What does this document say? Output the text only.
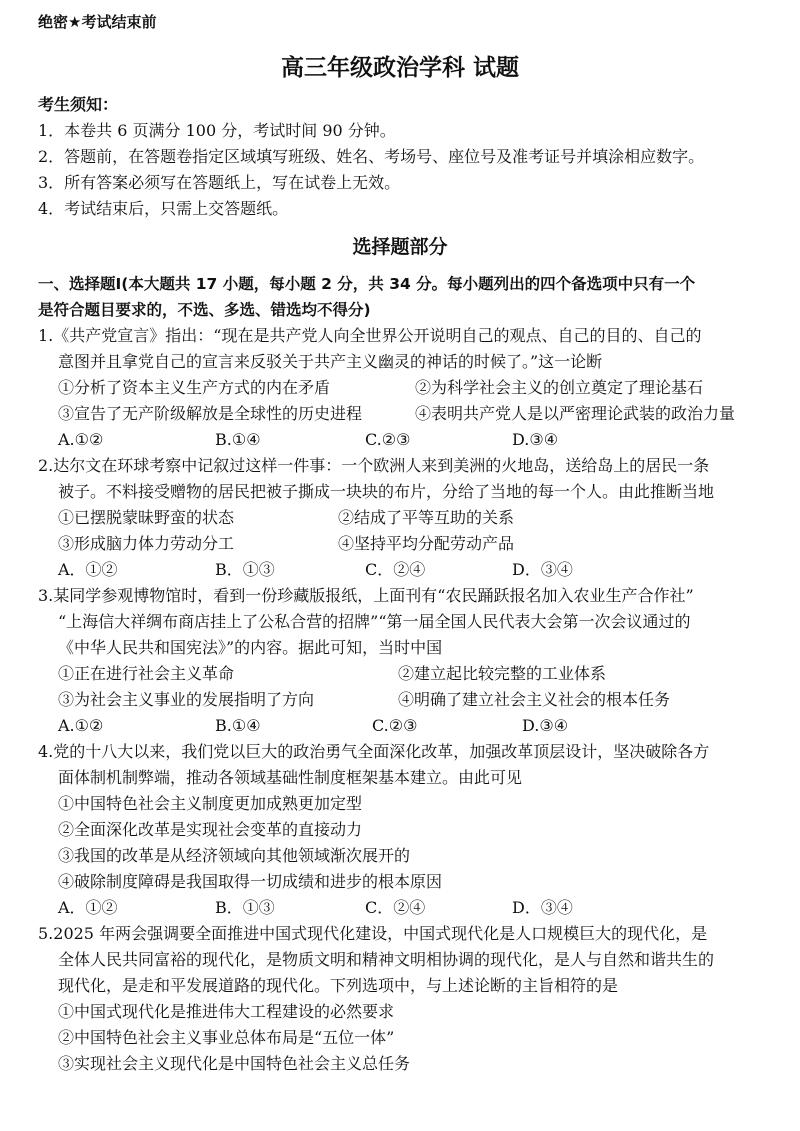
绝密★考试结束前
高三年级政治学科 试题
考生须知：
1．本卷共 6 页满分 100 分，考试时间 90 分钟。
2．答题前，在答题卷指定区域填写班级、姓名、考场号、座位号及准考证号并填涂相应数字。
3．所有答案必须写在答题纸上，写在试卷上无效。
4．考试结束后，只需上交答题纸。
选择题部分
一、选择题Ⅰ(本大题共 17 小题，每小题 2 分，共 34 分。每小题列出的四个备选项中只有一个
是符合题目要求的，不选、多选、错选均不得分)
1.《共产党宣言》指出：“现在是共产党人向全世界公开说明自己的观点、自己的目的、自己的
意图并且拿党自己的宣言来反驳关于共产主义幽灵的神话的时候了。”这一论断
①分析了资本主义生产方式的内在矛盾	②为科学社会主义的创立奠定了理论基石
③宣告了无产阶级解放是全球性的历史进程	④表明共产党人是以严密理论武装的政治力量
A.①②	B.①④	C.②③	D.③④
2.达尔文在环球考察中记叙过这样一件事：一个欧洲人来到美洲的火地岛，送给岛上的居民一条
被子。不料接受赠物的居民把被子撕成一块块的布片，分给了当地的每一个人。由此推断当地
①已摆脱蒙昧野蛮的状态	②结成了平等互助的关系
③形成脑力体力劳动分工	④坚持平均分配劳动产品
A．①②	B．①③	C．②④	D．③④
3.某同学参观博物馆时，看到一份珍藏版报纸，上面刊有“农民踊跃报名加入农业生产合作社”
“上海信大祥绸布商店挂上了公私合营的招牌”“第一届全国人民代表大会第一次会议通过的
《中华人民共和国宪法》”的内容。据此可知，当时中国
①正在进行社会主义革命	②建立起比较完整的工业体系
③为社会主义事业的发展指明了方向	④明确了建立社会主义社会的根本任务
A.①②	B.①④	C.②③	D.③④
4.党的十八大以来，我们党以巨大的政治勇气全面深化改革，加强改革顶层设计，坚决破除各方
面体制机制弊端，推动各领域基础性制度框架基本建立。由此可见
①中国特色社会主义制度更加成熟更加定型
②全面深化改革是实现社会变革的直接动力
③我国的改革是从经济领域向其他领域渐次展开的
④破除制度障碍是我国取得一切成绩和进步的根本原因
A．①②	B．①③	C．②④	D．③④
5.2025 年两会强调要全面推进中国式现代化建设，中国式现代化是人口规模巨大的现代化，是
全体人民共同富裕的现代化，是物质文明和精神文明相协调的现代化，是人与自然和谐共生的
现代化，是走和平发展道路的现代化。下列选项中，与上述论断的主旨相符的是
①中国式现代化是推进伟大工程建设的必然要求
②中国特色社会主义事业总体布局是“五位一体”
③实现社会主义现代化是中国特色社会主义总任务
